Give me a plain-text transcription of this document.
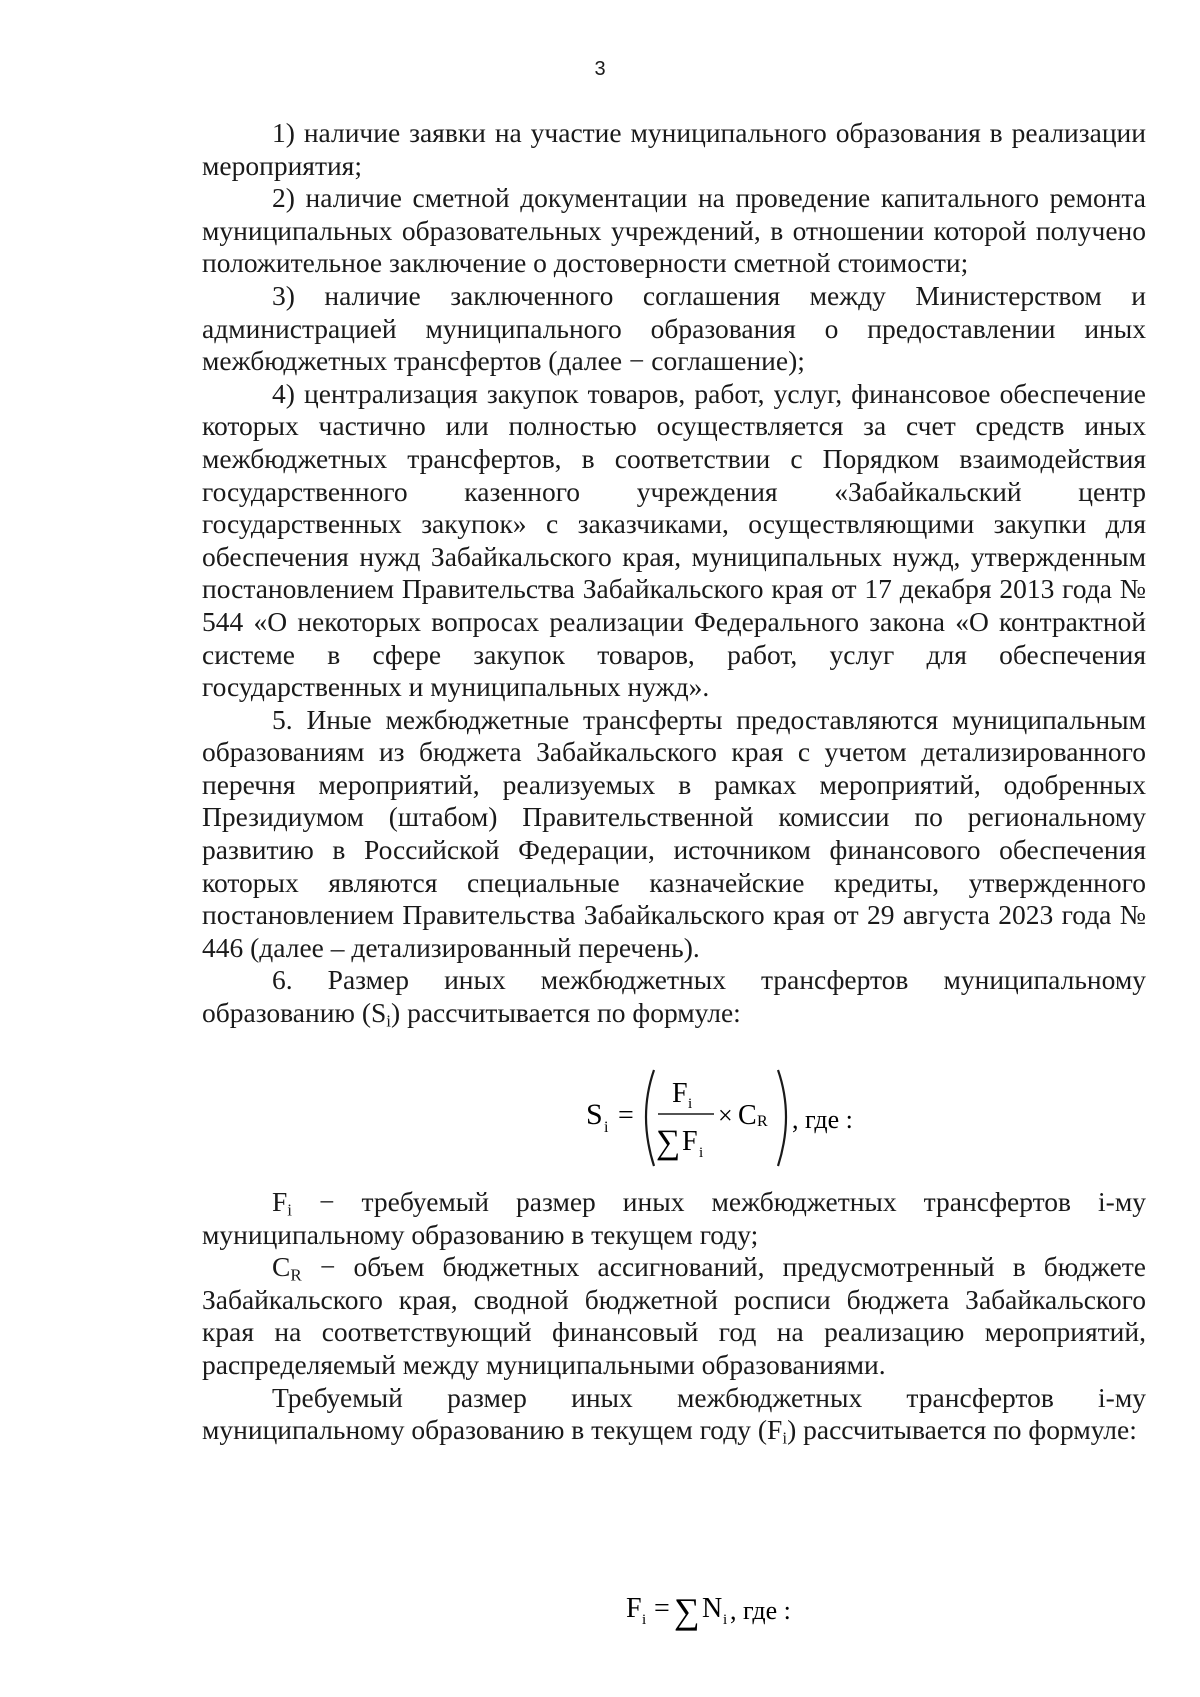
3

1) наличие заявки на участие муниципального образования в реализации мероприятия;

2) наличие сметной документации на проведение капитального ремонта муниципальных образовательных учреждений, в отношении которой получено положительное заключение о достоверности сметной стоимости;

3) наличие заключенного соглашения между Министерством и администрацией муниципального образования о предоставлении иных межбюджетных трансфертов (далее − соглашение);

4) централизация закупок товаров, работ, услуг, финансовое обеспечение которых частично или полностью осуществляется за счет средств иных межбюджетных трансфертов, в соответствии с Порядком взаимодействия государственного казенного учреждения «Забайкальский центр государственных закупок» с заказчиками, осуществляющими закупки для обеспечения нужд Забайкальского края, муниципальных нужд, утвержденным постановлением Правительства Забайкальского края от 17 декабря 2013 года № 544 «О некоторых вопросах реализации Федерального закона «О контрактной системе в сфере закупок товаров, работ, услуг для обеспечения государственных и муниципальных нужд».

5. Иные межбюджетные трансферты предоставляются муниципальным образованиям из бюджета Забайкальского края с учетом детализированного перечня мероприятий, реализуемых в рамках мероприятий, одобренных Президиумом (штабом) Правительственной комиссии по региональному развитию в Российской Федерации, источником финансового обеспечения которых являются специальные казначейские кредиты, утвержденного постановлением Правительства Забайкальского края от 29 августа 2023 года № 446 (далее – детализированный перечень).

6. Размер иных межбюджетных трансфертов муниципальному образованию $(S_i)$ рассчитывается по формуле:

S i =
F i
∑ F i
× C R , где :

$F_i$ − требуемый размер иных межбюджетных трансфертов i-му муниципальному образованию в текущем году;

$C_R$ − объем бюджетных ассигнований, предусмотренный в бюджете Забайкальского края, сводной бюджетной росписи бюджета Забайкальского края на соответствующий финансовый год на реализацию мероприятий, распределяемый между муниципальными образованиями.

Требуемый размер иных межбюджетных трансфертов i-му муниципальному образованию в текущем году $(F_i)$ рассчитывается по формуле:

F i = ∑ N i , где :
